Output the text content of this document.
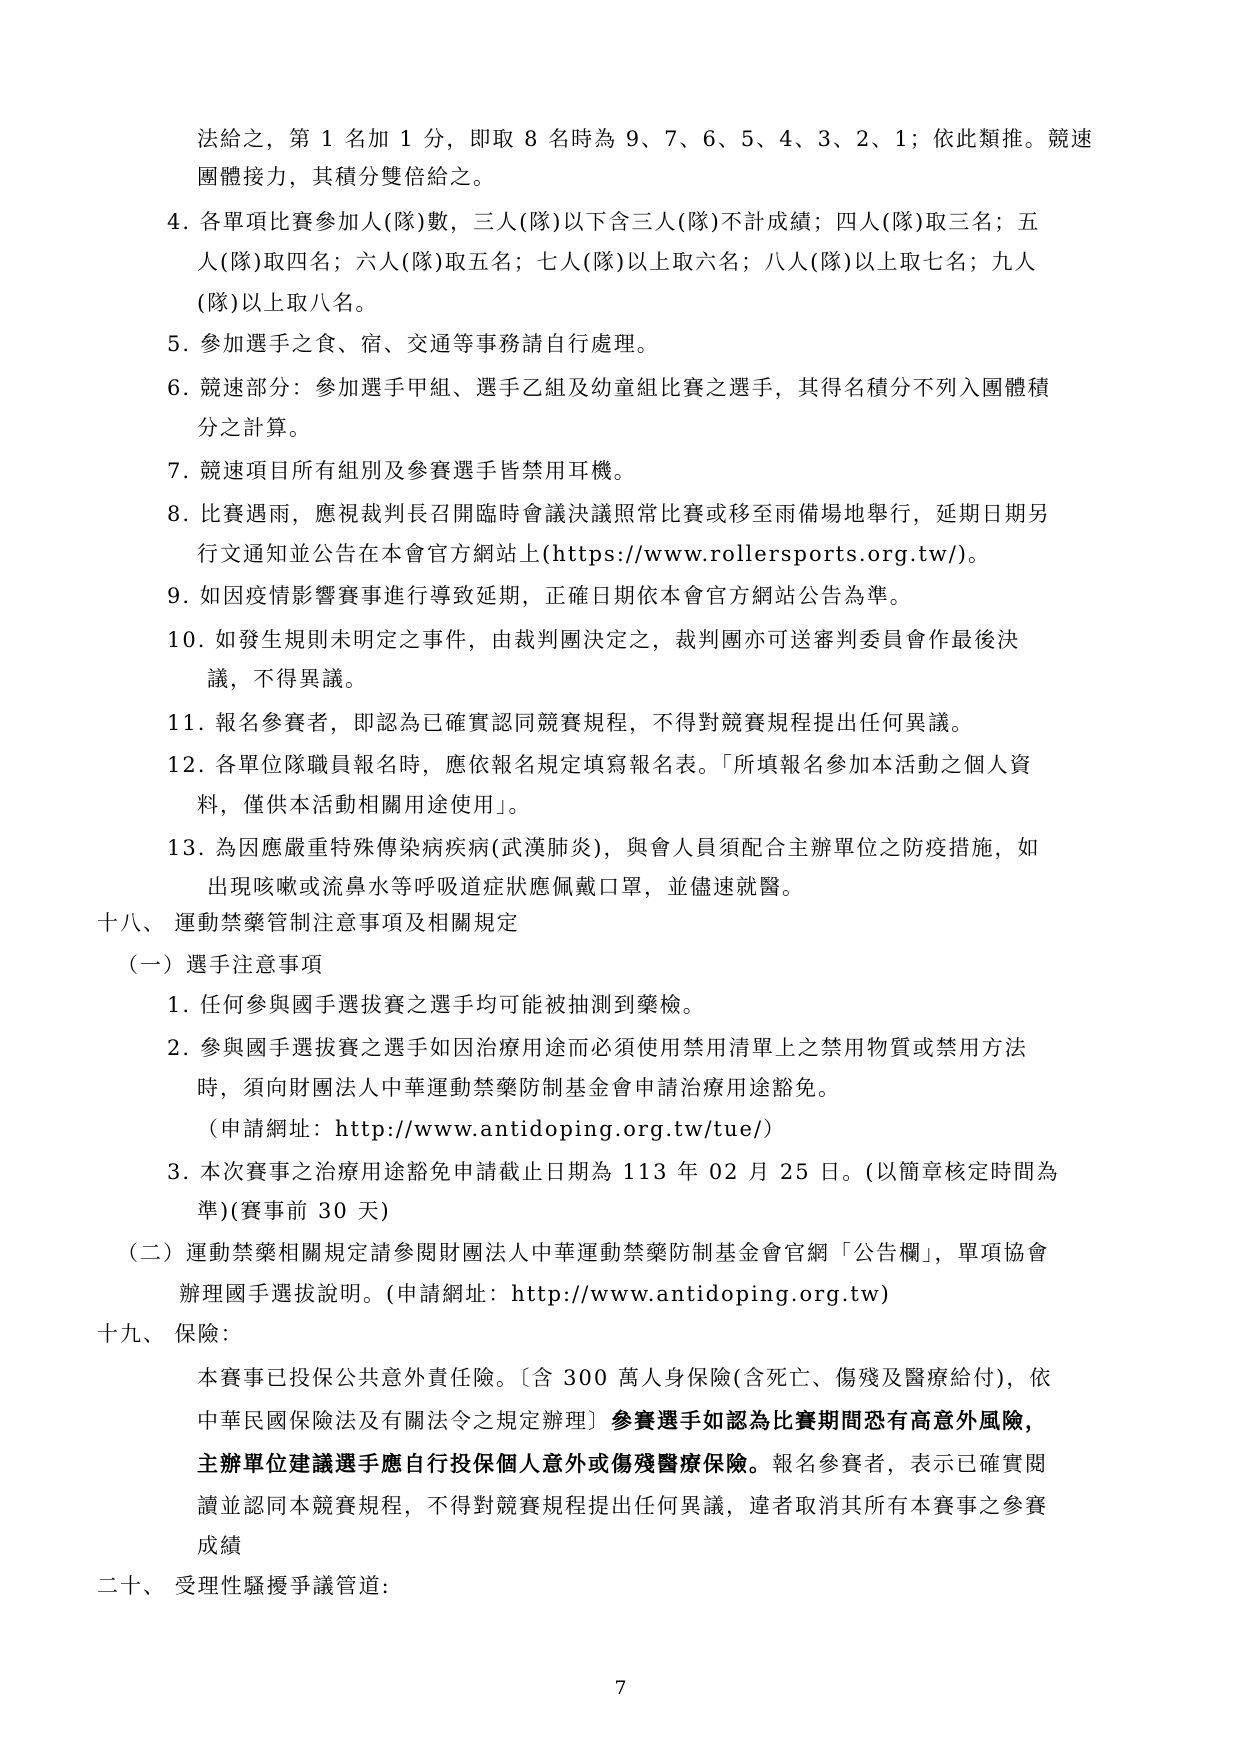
法給之，第 1 名加 1 分，即取 8 名時為 9、7、6、5、4、3、2、1；依此類推。競速
團體接力，其積分雙倍給之。
4. 各單項比賽參加人(隊)數，三人(隊)以下含三人(隊)不計成績；四人(隊)取三名；五
人(隊)取四名；六人(隊)取五名；七人(隊)以上取六名；八人(隊)以上取七名；九人
(隊)以上取八名。
5. 參加選手之食、宿、交通等事務請自行處理。
6. 競速部分：參加選手甲組、選手乙組及幼童組比賽之選手，其得名積分不列入團體積
分之計算。
7. 競速項目所有組別及參賽選手皆禁用耳機。
8. 比賽遇雨，應視裁判長召開臨時會議決議照常比賽或移至雨備場地舉行，延期日期另
行文通知並公告在本會官方網站上(https://www.rollersports.org.tw/)。
9. 如因疫情影響賽事進行導致延期，正確日期依本會官方網站公告為準。
10. 如發生規則未明定之事件，由裁判團決定之，裁判團亦可送審判委員會作最後決
議，不得異議。
11. 報名參賽者，即認為已確實認同競賽規程，不得對競賽規程提出任何異議。
12. 各單位隊職員報名時，應依報名規定填寫報名表。「所填報名參加本活動之個人資
料，僅供本活動相關用途使用」。
13. 為因應嚴重特殊傳染病疾病(武漢肺炎)，與會人員須配合主辦單位之防疫措施，如
出現咳嗽或流鼻水等呼吸道症狀應佩戴口罩，並儘速就醫。
十八、 運動禁藥管制注意事項及相關規定
（一）選手注意事項
1. 任何參與國手選拔賽之選手均可能被抽測到藥檢。
2. 參與國手選拔賽之選手如因治療用途而必須使用禁用清單上之禁用物質或禁用方法
時，須向財團法人中華運動禁藥防制基金會申請治療用途豁免。
（申請網址：http://www.antidoping.org.tw/tue/）
3. 本次賽事之治療用途豁免申請截止日期為 113 年 02 月 25 日。(以簡章核定時間為
準)(賽事前 30 天)
（二）運動禁藥相關規定請參閱財團法人中華運動禁藥防制基金會官網「公告欄」，單項協會
辦理國手選拔說明。(申請網址：http://www.antidoping.org.tw)
十九、 保險：
本賽事已投保公共意外責任險。〔含 300 萬人身保險(含死亡、傷殘及醫療給付)，依
中華民國保險法及有關法令之規定辦理〕參賽選手如認為比賽期間恐有高意外風險，
主辦單位建議選手應自行投保個人意外或傷殘醫療保險。報名參賽者，表示已確實閱
讀並認同本競賽規程，不得對競賽規程提出任何異議，違者取消其所有本賽事之參賽
成績
二十、 受理性騷擾爭議管道:
7
